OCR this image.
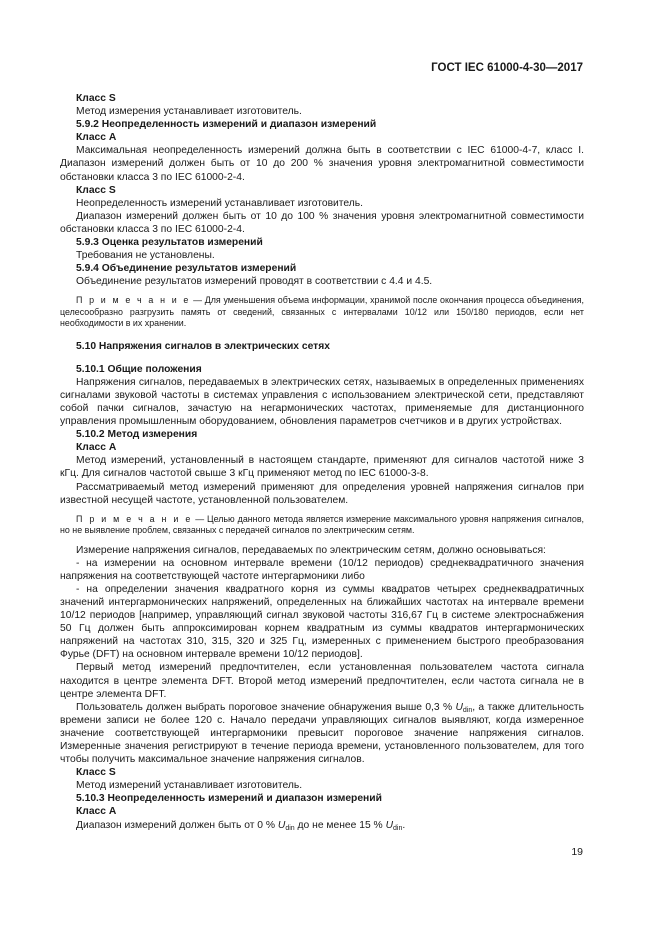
ГОСТ IEC 61000-4-30—2017

Класс S

Метод измерения устанавливает изготовитель.

5.9.2 Неопределенность измерений и диапазон измерений

Класс А

Максимальная неопределенность измерений должна быть в соответствии с IEC 61000-4-7, класс I. Диапазон измерений должен быть от 10 до 200 % значения уровня электромагнитной совместимости обстановки класса 3 по IEC 61000-2-4.

Класс S

Неопределенность измерений устанавливает изготовитель.

Диапазон измерений должен быть от 10 до 100 % значения уровня электромагнитной совместимости обстановки класса 3 по IEC 61000-2-4.

5.9.3 Оценка результатов измерений

Требования не установлены.

5.9.4 Объединение результатов измерений

Объединение результатов измерений проводят в соответствии с 4.4 и 4.5.

П р и м е ч а н и е — Для уменьшения объема информации, хранимой после окончания процесса объединения, целесообразно разгрузить память от сведений, связанных с интервалами 10/12 или 150/180 периодов, если нет необходимости в их хранении.

5.10 Напряжения сигналов в электрических сетях

5.10.1 Общие положения

Напряжения сигналов, передаваемых в электрических сетях, называемых в определенных применениях сигналами звуковой частоты в системах управления с использованием электрической сети, представляют собой пачки сигналов, зачастую на негармонических частотах, применяемые для дистанционного управления промышленным оборудованием, обновления параметров счетчиков и в других устройствах.

5.10.2 Метод измерения

Класс А

Метод измерений, установленный в настоящем стандарте, применяют для сигналов частотой ниже 3 кГц. Для сигналов частотой свыше 3 кГц применяют метод по IEC 61000-3-8.

Рассматриваемый метод измерений применяют для определения уровней напряжения сигналов при известной несущей частоте, установленной пользователем.

П р и м е ч а н и е — Целью данного метода является измерение максимального уровня напряжения сигналов, но не выявление проблем, связанных с передачей сигналов по электрическим сетям.

Измерение напряжения сигналов, передаваемых по электрическим сетям, должно основываться:

- на измерении на основном интервале времени (10/12 периодов) среднеквадратичного значения напряжения на соответствующей частоте интергармоники либо

- на определении значения квадратного корня из суммы квадратов четырех среднеквадратичных значений интергармонических напряжений, определенных на ближайших частотах на интервале времени 10/12 периодов [например, управляющий сигнал звуковой частоты 316,67 Гц в системе электроснабжения 50 Гц должен быть аппроксимирован корнем квадратным из суммы квадратов интергармонических напряжений на частотах 310, 315, 320 и 325 Гц, измеренных с применением быстрого преобразования Фурье (DFT) на основном интервале времени 10/12 периодов].

Первый метод измерений предпочтителен, если установленная пользователем частота сигнала находится в центре элемента DFT. Второй метод измерений предпочтителен, если частота сигнала не в центре элемента DFT.

Пользователь должен выбрать пороговое значение обнаружения выше 0,3 % $U_{din}$, а также длительность времени записи не более 120 с. Начало передачи управляющих сигналов выявляют, когда измеренное значение соответствующей интергармоники превысит пороговое значение напряжения сигналов. Измеренные значения регистрируют в течение периода времени, установленного пользователем, для того чтобы получить максимальное значение напряжения сигналов.

Класс S

Метод измерений устанавливает изготовитель.

5.10.3 Неопределенность измерений и диапазон измерений

Класс А

Диапазон измерений должен быть от 0 % $U_{din}$ до не менее 15 % $U_{din}$.

19
